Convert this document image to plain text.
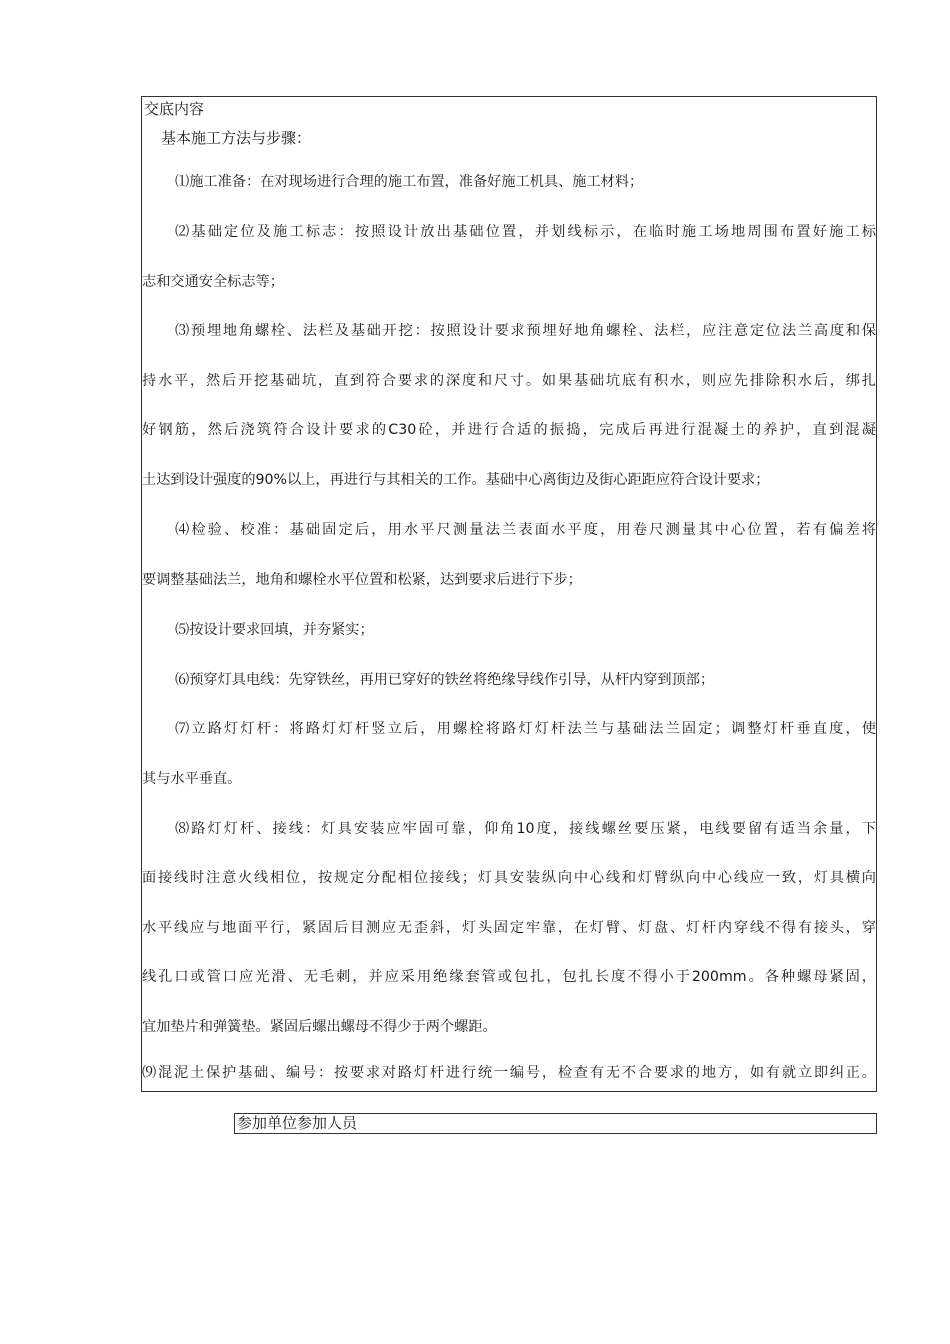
交底内容
基本施工方法与步骤：
⑴施工准备：在对现场进行合理的施工布置，准备好施工机具、施工材料；
⑵基础定位及施工标志：按照设计放出基础位置，并划线标示，在临时施工场地周围布置好施工标
志和交通安全标志等；
⑶预埋地角螺栓、法栏及基础开挖：按照设计要求预埋好地角螺栓、法栏，应注意定位法兰高度和保
持水平，然后开挖基础坑，直到符合要求的深度和尺寸。如果基础坑底有积水，则应先排除积水后，绑扎
好钢筋，然后浇筑符合设计要求的C30砼，并进行合适的振捣，完成后再进行混凝土的养护，直到混凝
土达到设计强度的90%以上，再进行与其相关的工作。基础中心离街边及街心距距应符合设计要求；
⑷检验、校准：基础固定后，用水平尺测量法兰表面水平度，用卷尺测量其中心位置，若有偏差将
要调整基础法兰，地角和螺栓水平位置和松紧，达到要求后进行下步；
⑸按设计要求回填，并夯紧实；
⑹预穿灯具电线：先穿铁丝，再用已穿好的铁丝将绝缘导线作引导，从杆内穿到顶部；
⑺立路灯灯杆：将路灯灯杆竖立后，用螺栓将路灯灯杆法兰与基础法兰固定；调整灯杆垂直度，使
其与水平垂直。
⑻路灯灯杆、接线：灯具安装应牢固可靠，仰角10度，接线螺丝要压紧，电线要留有适当余量，下
面接线时注意火线相位，按规定分配相位接线；灯具安装纵向中心线和灯臂纵向中心线应一致，灯具横向
水平线应与地面平行，紧固后目测应无歪斜，灯头固定牢靠，在灯臂、灯盘、灯杆内穿线不得有接头，穿
线孔口或管口应光滑、无毛刺，并应采用绝缘套管或包扎，包扎长度不得小于200mm。各种螺母紧固，
宜加垫片和弹簧垫。紧固后螺出螺母不得少于两个螺距。
⑼混泥土保护基础、编号：按要求对路灯杆进行统一编号，检查有无不合要求的地方，如有就立即纠正。
参加单位参加人员
